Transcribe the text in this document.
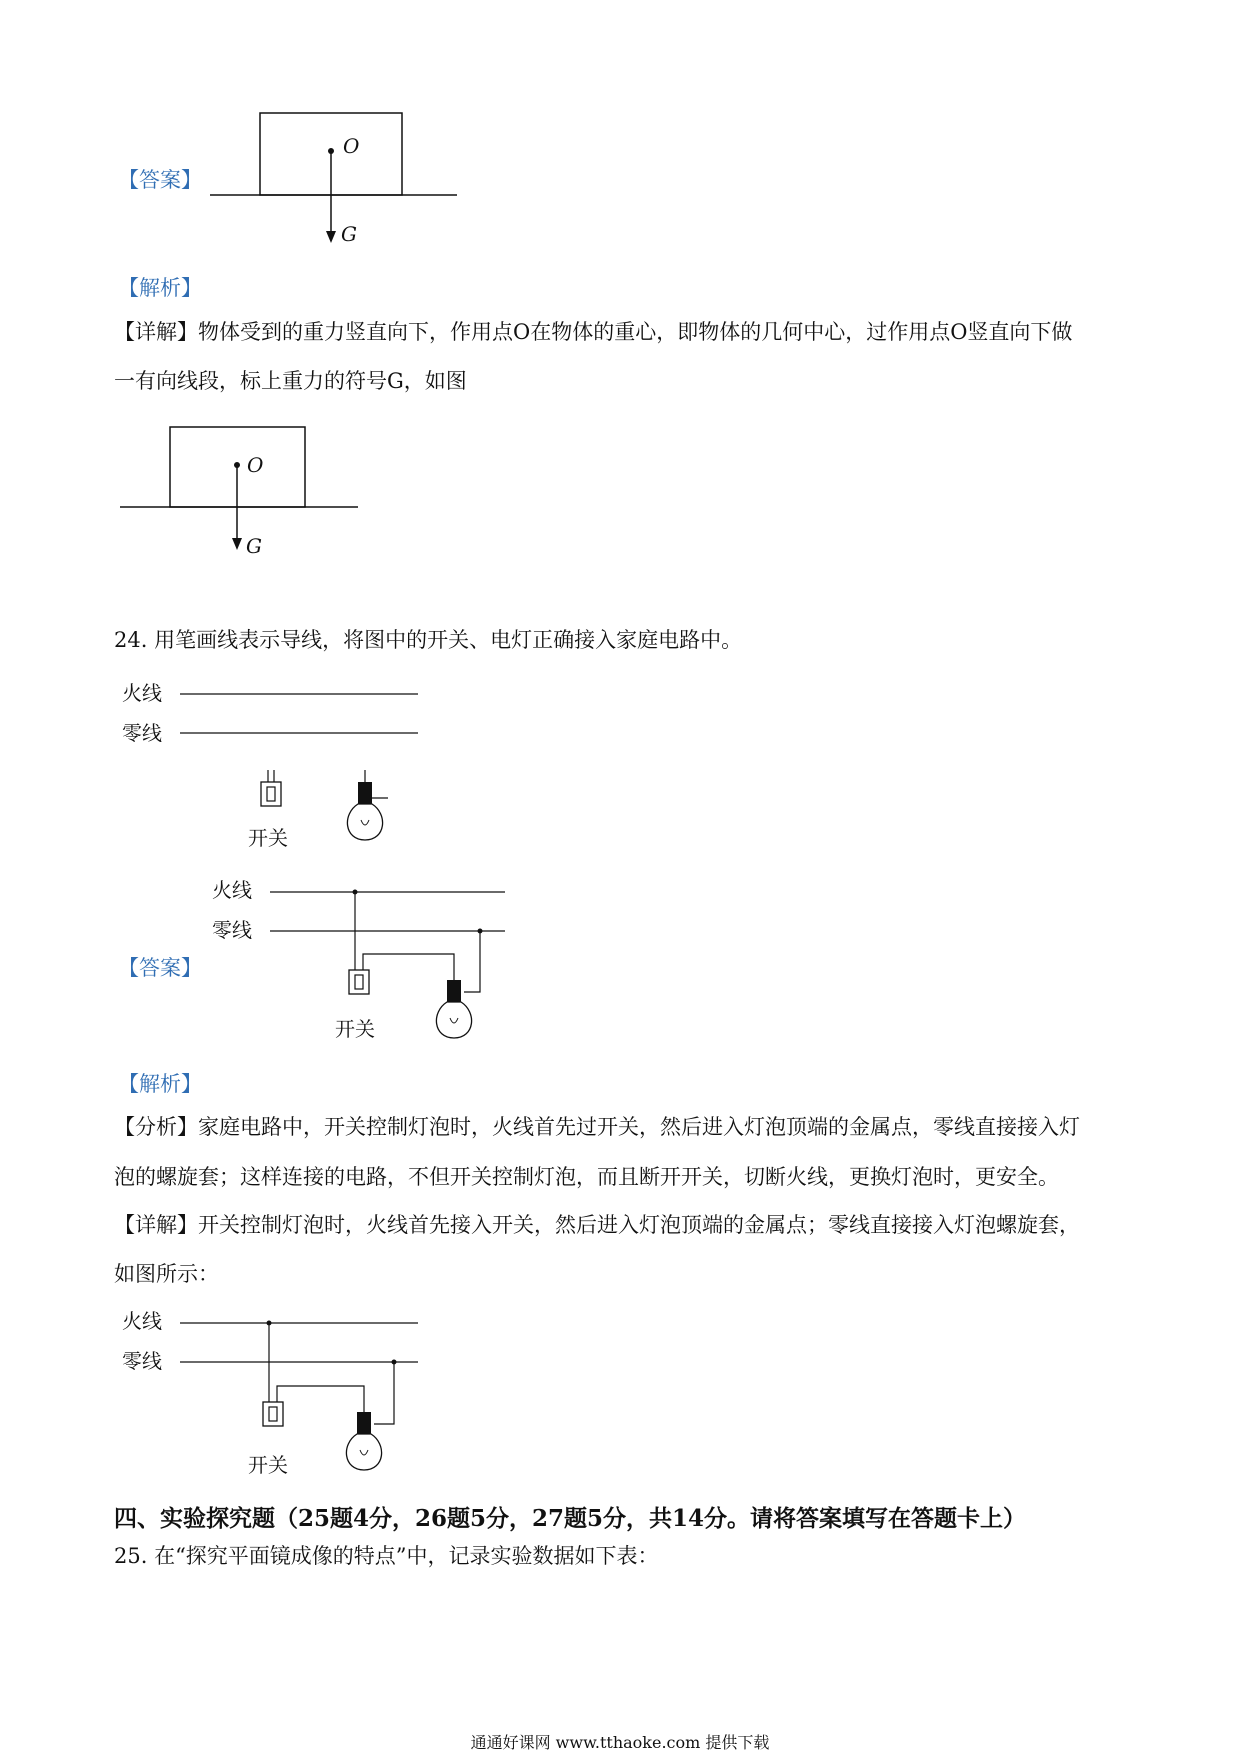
【答案】
O
G
【解析】
【详解】物体受到的重力竖直向下，作用点O在物体的重心，即物体的几何中心，过作用点O竖直向下做
一有向线段，标上重力的符号G，如图
O
G
24. 用笔画线表示导线，将图中的开关、电灯正确接入家庭电路中。
火线
零线
开关
【答案】
火线
零线
开关
【解析】
【分析】家庭电路中，开关控制灯泡时，火线首先过开关，然后进入灯泡顶端的金属点，零线直接接入灯
泡的螺旋套；这样连接的电路，不但开关控制灯泡，而且断开开关，切断火线，更换灯泡时，更安全。
【详解】开关控制灯泡时，火线首先接入开关，然后进入灯泡顶端的金属点；零线直接接入灯泡螺旋套，
如图所示：
火线
零线
开关
四、实验探究题（25题4分，26题5分，27题5分，共14分。请将答案填写在答题卡上）
25. 在“探究平面镜成像的特点”中，记录实验数据如下表：
通通好课网 www.tthaoke.com 提供下载
